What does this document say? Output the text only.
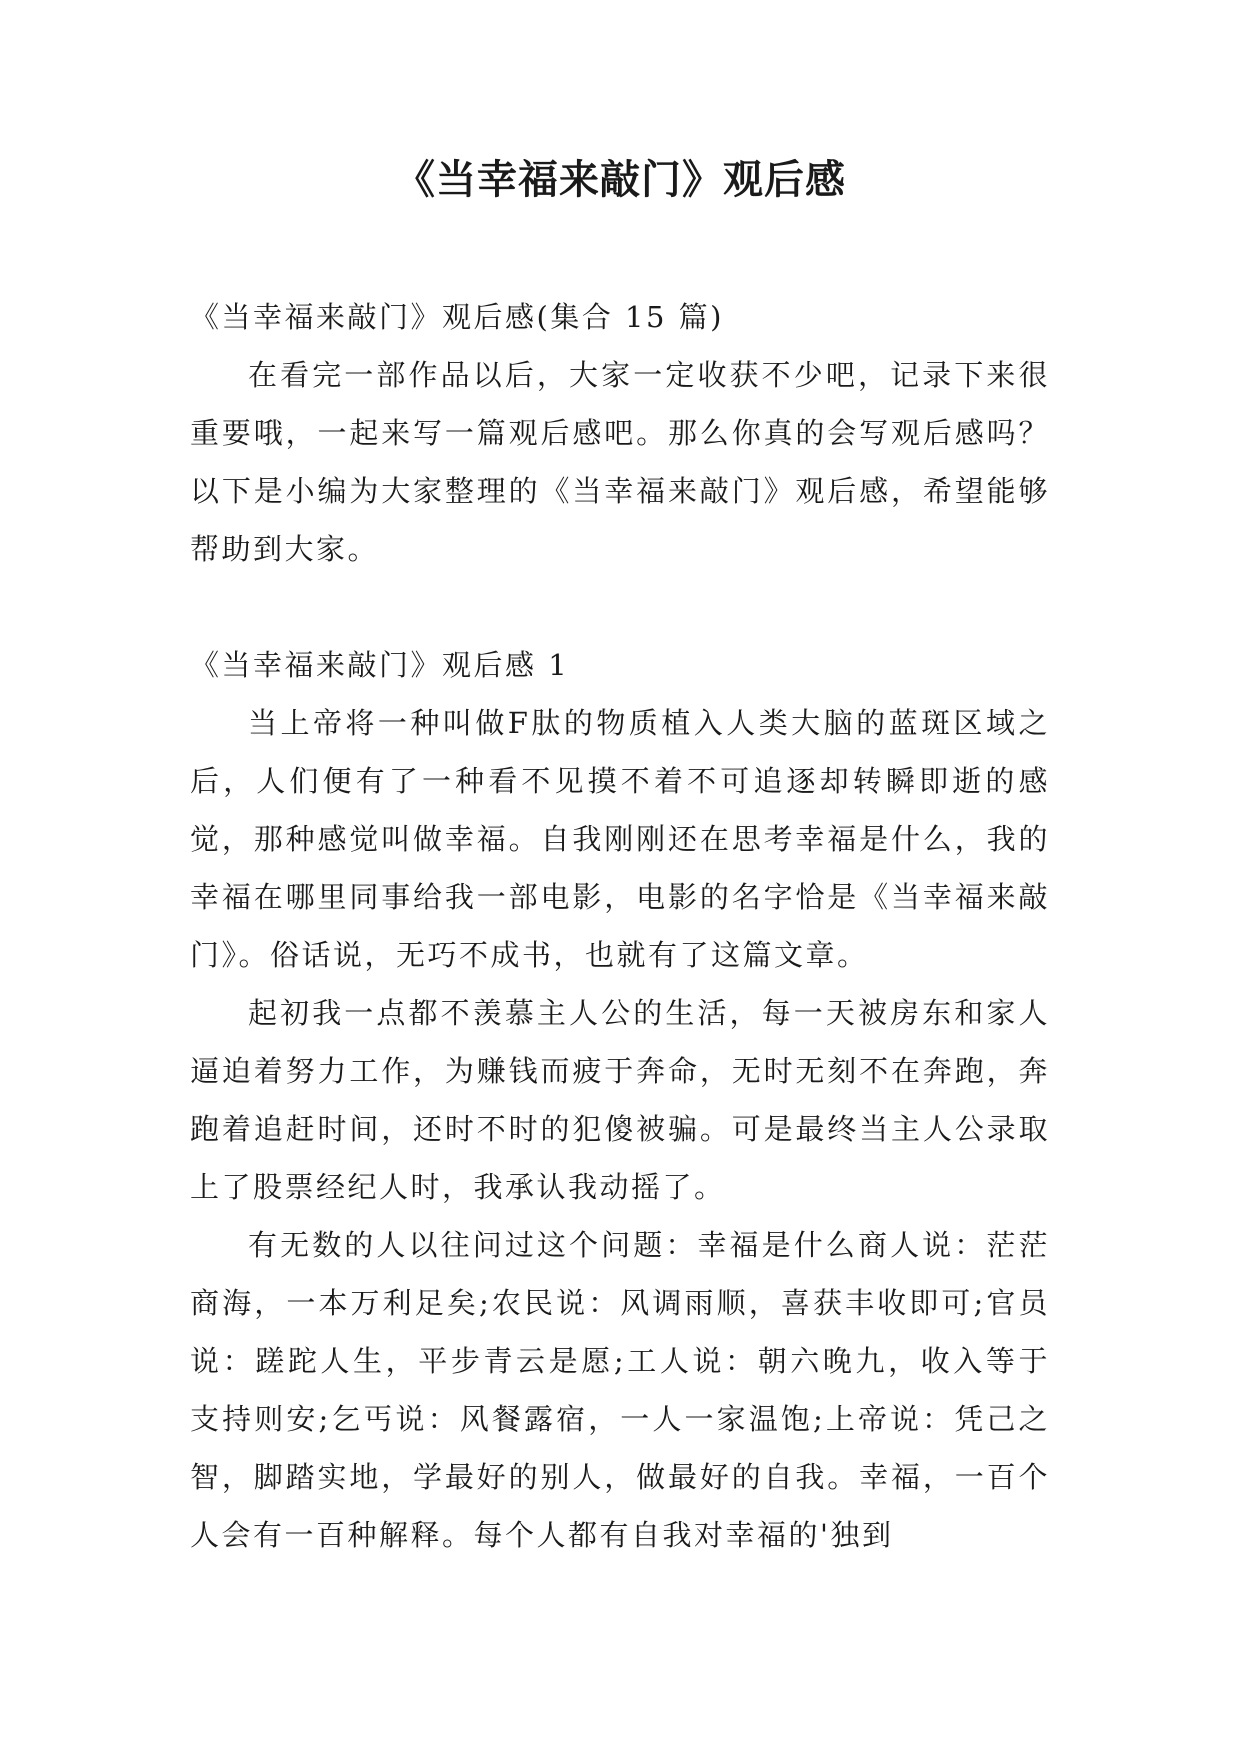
《当幸福来敲门》观后感

《当幸福来敲门》观后感(集合 15 篇)

在看完一部作品以后，大家一定收获不少吧，记录下来很重要哦，一起来写一篇观后感吧。那么你真的会写观后感吗？以下是小编为大家整理的《当幸福来敲门》观后感，希望能够帮助到大家。

《当幸福来敲门》观后感 1

当上帝将一种叫做F肽的物质植入人类大脑的蓝斑区域之后，人们便有了一种看不见摸不着不可追逐却转瞬即逝的感觉，那种感觉叫做幸福。自我刚刚还在思考幸福是什么，我的幸福在哪里同事给我一部电影，电影的名字恰是《当幸福来敲门》。俗话说，无巧不成书，也就有了这篇文章。

起初我一点都不羡慕主人公的生活，每一天被房东和家人逼迫着努力工作，为赚钱而疲于奔命，无时无刻不在奔跑，奔跑着追赶时间，还时不时的犯傻被骗。可是最终当主人公录取上了股票经纪人时，我承认我动摇了。

有无数的人以往问过这个问题：幸福是什么商人说：茫茫商海，一本万利足矣;农民说：风调雨顺，喜获丰收即可;官员说：蹉跎人生，平步青云是愿;工人说：朝六晚九，收入等于支持则安;乞丐说：风餐露宿，一人一家温饱;上帝说：凭己之智，脚踏实地，学最好的别人，做最好的自我。幸福，一百个人会有一百种解释。每个人都有自我对幸福的'独到
